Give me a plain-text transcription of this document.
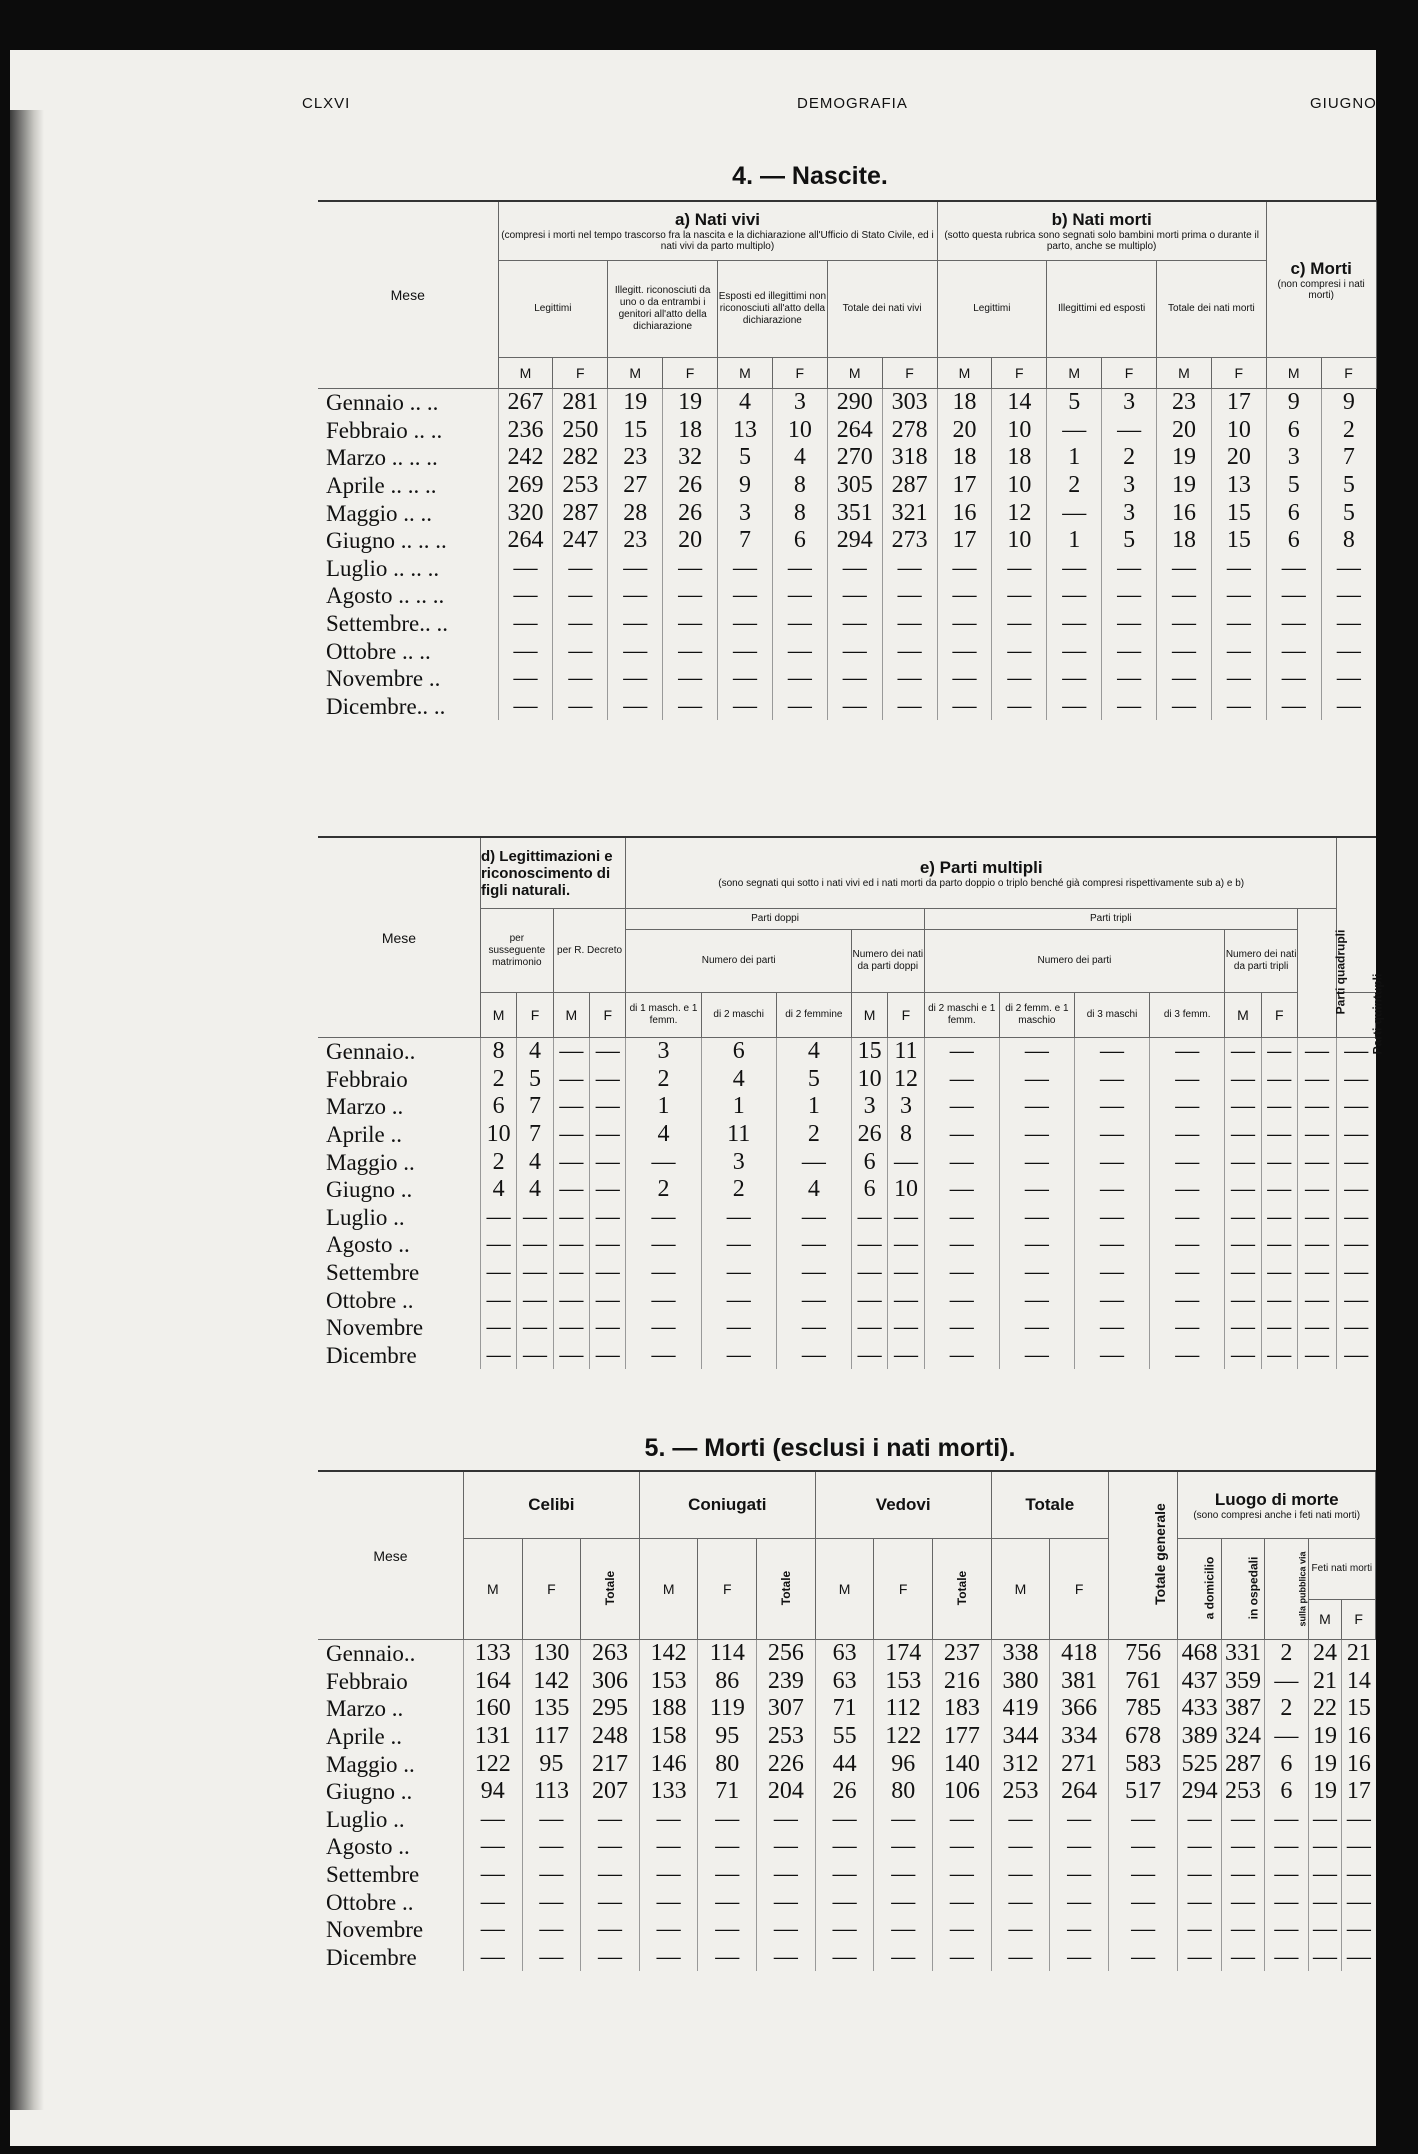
CLXVI	DEMOGRAFIA	GIUGNO
4. — Nascite.
Mese	a) Nati vivi
(compresi i morti nel tempo trascorso fra la nascita e la dichiarazione all'Ufficio di Stato Civile, ed i nati vivi da parto multiplo)								b) Nati morti
(sotto questa rubrica sono segnati solo bambini morti prima o durante il parto, anche se multiplo)						c) Morti
(non compresi i nati morti)	

	Legittimi		Illegitt. riconosciuti da uno o da entrambi i genitori all'atto della dichiarazione		Esposti ed illegittimi non riconosciuti all'atto della dichiarazione		Totale dei nati vivi		Legittimi		Illegittimi ed esposti		Totale dei nati morti			
	M	F	M	F	M	F	M	F	M	F	M	F	M	F	M	F
Gennaio .. ..	267	281	19	19	4	3	290	303	18	14	5	3	23	17	9	9
Febbraio .. ..	236	250	15	18	13	10	264	278	20	10	—	—	20	10	6	2
Marzo .. .. ..	242	282	23	32	5	4	270	318	18	18	1	2	19	20	3	7
Aprile .. .. ..	269	253	27	26	9	8	305	287	17	10	2	3	19	13	5	5
Maggio .. ..	320	287	28	26	3	8	351	321	16	12	—	3	16	15	6	5
Giugno .. .. ..	264	247	23	20	7	6	294	273	17	10	1	5	18	15	6	8
Luglio .. .. ..	—	—	—	—	—	—	—	—	—	—	—	—	—	—	—	—
Agosto .. .. ..	—	—	—	—	—	—	—	—	—	—	—	—	—	—	—	—
Settembre.. ..	—	—	—	—	—	—	—	—	—	—	—	—	—	—	—	—
Ottobre .. ..	—	—	—	—	—	—	—	—	—	—	—	—	—	—	—	—
Novembre ..	—	—	—	—	—	—	—	—	—	—	—	—	—	—	—	—
Dicembre.. ..	—	—	—	—	—	—	—	—	—	—	—	—	—	—	—	—
Mese	d) Legittimazioni e riconoscimento di figli naturali.				e) Parti multipli
(sono segnati qui sotto i nati vivi ed i nati morti da parto doppio o triplo benché già compresi rispettivamente sub a) e b)												

	per susseguente matrimonio		per R. Decreto		Parti doppi					Parti tripli						Parti quadrupli	
					Numero dei parti			Numero dei nati da parti doppi		Numero dei parti				Numero dei nati da parti tripli			
	M	F	M	F	di 1 masch. e 1 femm.	di 2 maschi	di 2 femmine	M	F	di 2 maschi e 1 femm.	di 2 femm. e 1 maschio	di 3 maschi	di 3 femm.	M	F		Parti quintupli
Gennaio..	8	4	—	—	3	6	4	15	11	—	—	—	—	—	—	—	—
Febbraio	2	5	—	—	2	4	5	10	12	—	—	—	—	—	—	—	—
Marzo ..	6	7	—	—	1	1	1	3	3	—	—	—	—	—	—	—	—
Aprile ..	10	7	—	—	4	11	2	26	8	—	—	—	—	—	—	—	—
Maggio ..	2	4	—	—	—	3	—	6	—	—	—	—	—	—	—	—	—
Giugno ..	4	4	—	—	2	2	4	6	10	—	—	—	—	—	—	—	—
Luglio ..	—	—	—	—	—	—	—	—	—	—	—	—	—	—	—	—	—
Agosto ..	—	—	—	—	—	—	—	—	—	—	—	—	—	—	—	—	—
Settembre	—	—	—	—	—	—	—	—	—	—	—	—	—	—	—	—	—
Ottobre ..	—	—	—	—	—	—	—	—	—	—	—	—	—	—	—	—	—
Novembre	—	—	—	—	—	—	—	—	—	—	—	—	—	—	—	—	—
Dicembre	—	—	—	—	—	—	—	—	—	—	—	—	—	—	—	—	—
5. — Morti (esclusi i nati morti).
Mese	Celibi			Coniugati			Vedovi			Totale		Totale generale	Luogo di morte
(sono compresi anche i feti nati morti)				

	M	F	Totale	M	F	Totale	M	F	Totale	M	F		a domicilio	in ospedali	sulla pubblica via	Feti nati morti	
																M	F
Gennaio..	133	130	263	142	114	256	63	174	237	338	418	756	468	331	2	24	21
Febbraio	164	142	306	153	86	239	63	153	216	380	381	761	437	359	—	21	14
Marzo ..	160	135	295	188	119	307	71	112	183	419	366	785	433	387	2	22	15
Aprile ..	131	117	248	158	95	253	55	122	177	344	334	678	389	324	—	19	16
Maggio ..	122	95	217	146	80	226	44	96	140	312	271	583	525	287	6	19	16
Giugno ..	94	113	207	133	71	204	26	80	106	253	264	517	294	253	6	19	17
Luglio ..	—	—	—	—	—	—	—	—	—	—	—	—	—	—	—	—	—
Agosto ..	—	—	—	—	—	—	—	—	—	—	—	—	—	—	—	—	—
Settembre	—	—	—	—	—	—	—	—	—	—	—	—	—	—	—	—	—
Ottobre ..	—	—	—	—	—	—	—	—	—	—	—	—	—	—	—	—	—
Novembre	—	—	—	—	—	—	—	—	—	—	—	—	—	—	—	—	—
Dicembre	—	—	—	—	—	—	—	—	—	—	—	—	—	—	—	—	—
